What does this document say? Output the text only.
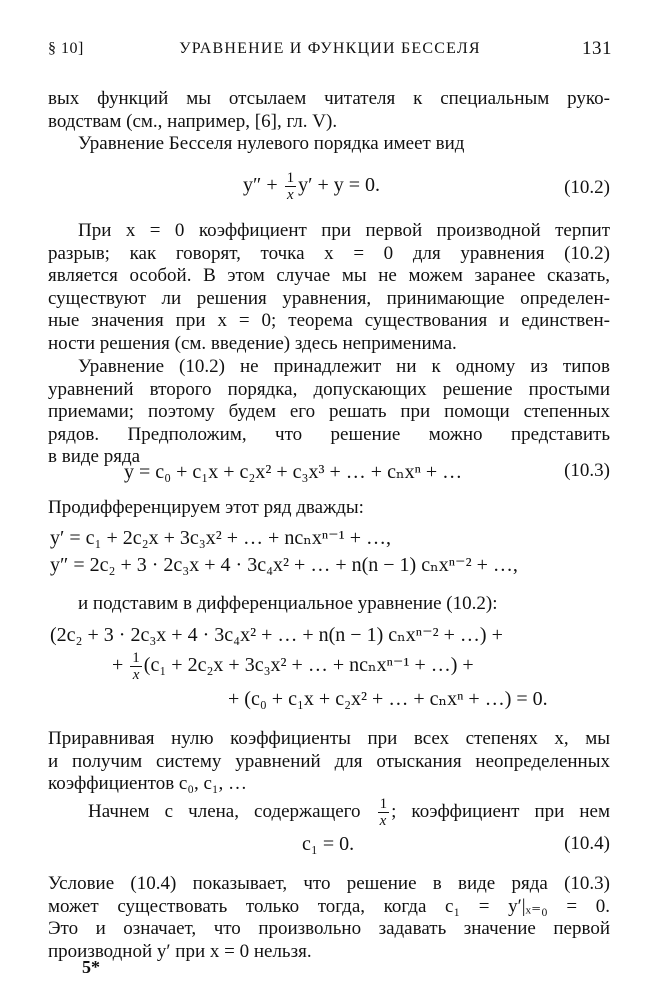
§ 10]	УРАВНЕНИЕ И ФУНКЦИИ БЕССЕЛЯ	131
вых функций мы отсылаем читателя к специальным руко-
водствам (см., например, [6], гл. V).
Уравнение Бесселя нулевого порядка имеет вид
$y'' + \frac{1}{x} y' + y = 0$.	(10.2)
При x = 0 коэффициент при первой производной терпит
разрыв; как говорят, точка x = 0 для уравнения (10.2)
является особой. В этом случае мы не можем заранее сказать,
существуют ли решения уравнения, принимающие определен-
ные значения при x = 0; теорема существования и единствен-
ности решения (см. введение) здесь неприменима.
Уравнение (10.2) не принадлежит ни к одному из типов
уравнений второго порядка, допускающих решение простыми
приемами; поэтому будем его решать при помощи степенных
рядов. Предположим, что решение можно представить
в виде ряда
y = c₀ + c₁x + c₂x² + c₃x³ + … + cₙxⁿ + …	(10.3)
Продифференцируем этот ряд дважды:
y′ = c₁ + 2c₂x + 3c₃x² + … + ncₙxⁿ⁻¹ + …,
y″ = 2c₂ + 3 · 2c₃x + 4 · 3c₄x² + … + n(n − 1) cₙxⁿ⁻² + …,
и подставим в дифференциальное уравнение (10.2):
(2c₂ + 3 · 2c₃x + 4 · 3c₄x² + … + n(n − 1) cₙxⁿ⁻² + …) +
+ $\frac{1}{x} (c_1 + 2c_2x + 3c_3x^2$ + … + ncₙxⁿ⁻¹ + …) +
+ (c₀ + c₁x + c₂x² + … + cₙxⁿ + …) = 0.
Приравнивая нулю коэффициенты при всех степенях x, мы
и получим систему уравнений для отыскания неопределенных
коэффициентов c₀, c₁, …
Начнем с члена, содержащего $\frac{1}{x}$ ; коэффициент при нем
c₁ = 0.	(10.4)
Условие (10.4) показывает, что решение в виде ряда (10.3)
может существовать только тогда, когда c₁ = y′|ₓ₌₀ = 0.
Это и означает, что произвольно задавать значение первой
производной y′ при x = 0 нельзя.
5*
